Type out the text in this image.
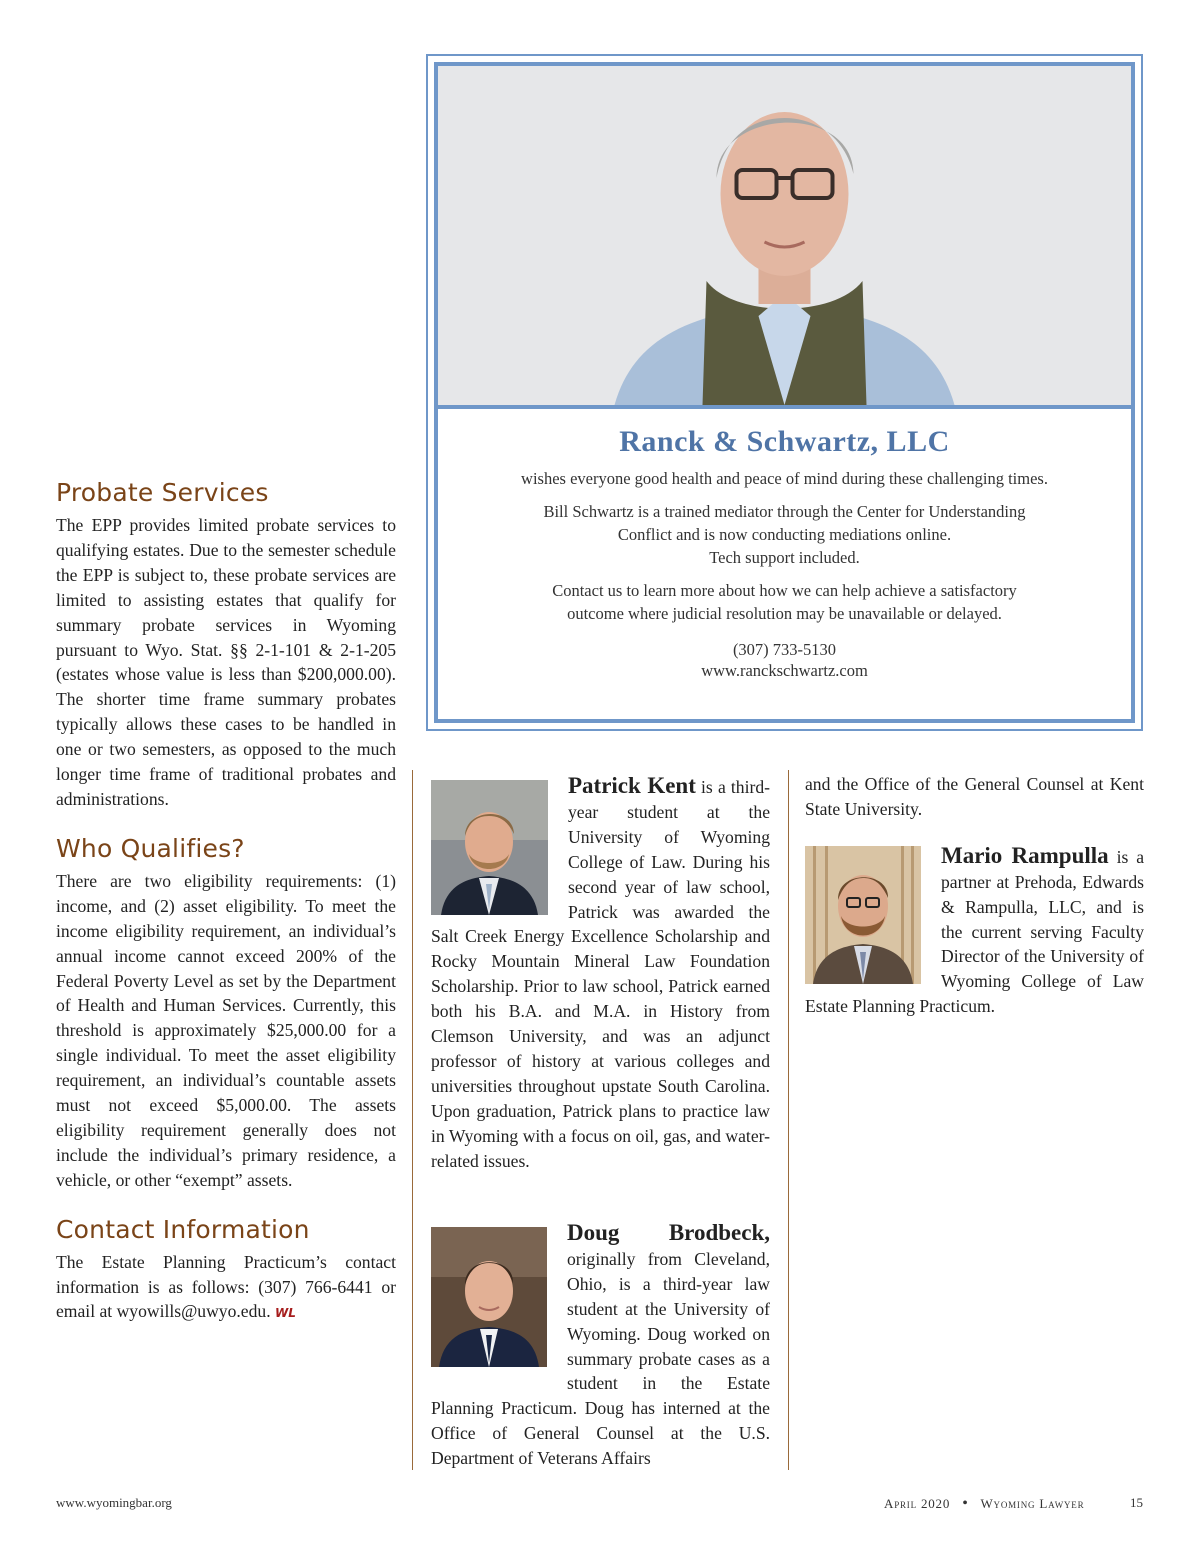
Probate Services

The EPP provides limited probate services to qualifying estates. Due to the semester schedule the EPP is subject to, these probate services are limited to assisting estates that qualify for summary probate services in Wyoming pursuant to Wyo. Stat. §§ 2-1-101 & 2-1-205 (estates whose value is less than $200,000.00). The shorter time frame summary probates typically allows these cases to be handled in one or two semesters, as opposed to the much longer time frame of traditional probates and administrations.

Who Qualifies?

There are two eligibility requirements: (1) income, and (2) asset eligibility. To meet the income eligibility requirement, an individual’s annual income cannot exceed 200% of the Federal Poverty Level as set by the Department of Health and Human Services. Currently, this threshold is approximately $25,000.00 for a single individual. To meet the asset eligibility requirement, an individual’s countable assets must not exceed $5,000.00. The assets eligibility requirement generally does not include the individual’s primary residence, a vehicle, or other “exempt” assets.

Contact Information

The Estate Planning Practicum’s contact information is as follows: (307) 766-6441 or email at wyowills@uwyo.edu. WL

Ranck & Schwartz, LLC

wishes everyone good health and peace of mind during these challenging times.

Bill Schwartz is a trained mediator through the Center for Understanding
Conflict and is now conducting mediations online.
Tech support included.

Contact us to learn more about how we can help achieve a satisfactory
outcome where judicial resolution may be unavailable or delayed.

(307) 733-5130
www.ranckschwartz.com

Patrick Kent is a third-year student at the University of Wyoming College of Law. During his second year of law school, Patrick was awarded the Salt Creek Energy Excellence Scholarship and Rocky Mountain Mineral Law Foundation Scholarship. Prior to law school, Patrick earned both his B.A. and M.A. in History from Clemson University, and was an adjunct professor of history at various colleges and universities throughout upstate South Carolina. Upon graduation, Patrick plans to practice law in Wyoming with a focus on oil, gas, and water-related issues.

Doug Brodbeck, originally from Cleveland, Ohio, is a third-year law student at the University of Wyoming. Doug worked on summary probate cases as a student in the Estate Planning Practicum. Doug has interned at the Office of General Counsel at the U.S. Department of Veterans Affairs

and the Office of the General Counsel at Kent State University.

Mario Rampulla is a partner at Prehoda, Edwards & Rampulla, LLC, and is the current serving Faculty Director of the University of Wyoming College of Law Estate Planning Practicum.

www.wyomingbar.org	April 2020 • Wyoming Lawyer	15
